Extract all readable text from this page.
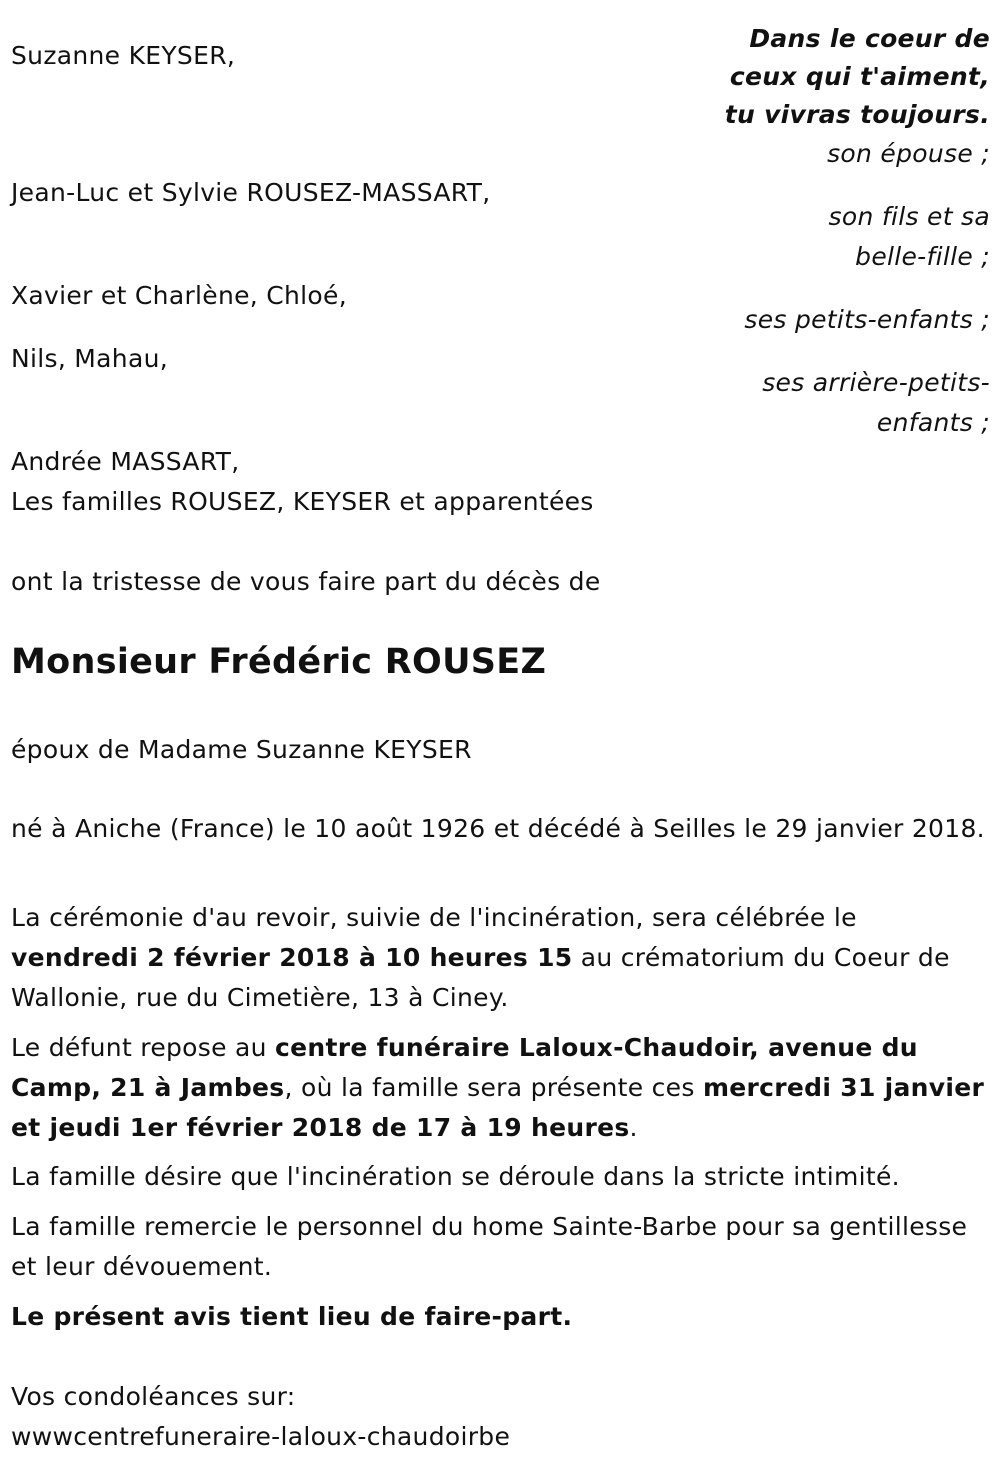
Suzanne KEYSER,
Jean-Luc et Sylvie ROUSEZ-MASSART,
Xavier et Charlène, Chloé,
Nils, Mahau,
Andrée MASSART,
Les familles ROUSEZ, KEYSER et apparentées
Dans le coeur de
ceux qui t'aiment,
tu vivras toujours.
son épouse ;
son fils et sa
belle-fille ;
ses petits-enfants ;
ses arrière-petits-
enfants ;
ont la tristesse de vous faire part du décès de
Monsieur Frédéric ROUSEZ
époux de Madame Suzanne KEYSER
né à Aniche (France) le 10 août 1926 et décédé à Seilles le 29 janvier 2018.
La cérémonie d'au revoir, suivie de l'incinération, sera célébrée le vendredi 2 février 2018 à 10 heures 15 au crématorium du Coeur de Wallonie, rue du Cimetière, 13 à Ciney.
Le défunt repose au centre funéraire Laloux-Chaudoir, avenue du Camp, 21 à Jambes, où la famille sera présente ces mercredi 31 janvier et jeudi 1er février 2018 de 17 à 19 heures.
La famille désire que l'incinération se déroule dans la stricte intimité.
La famille remercie le personnel du home Sainte-Barbe pour sa gentillesse et leur dévouement.
Le présent avis tient lieu de faire-part.
Vos condoléances sur:
wwwcentrefuneraire-laloux-chaudoirbe
